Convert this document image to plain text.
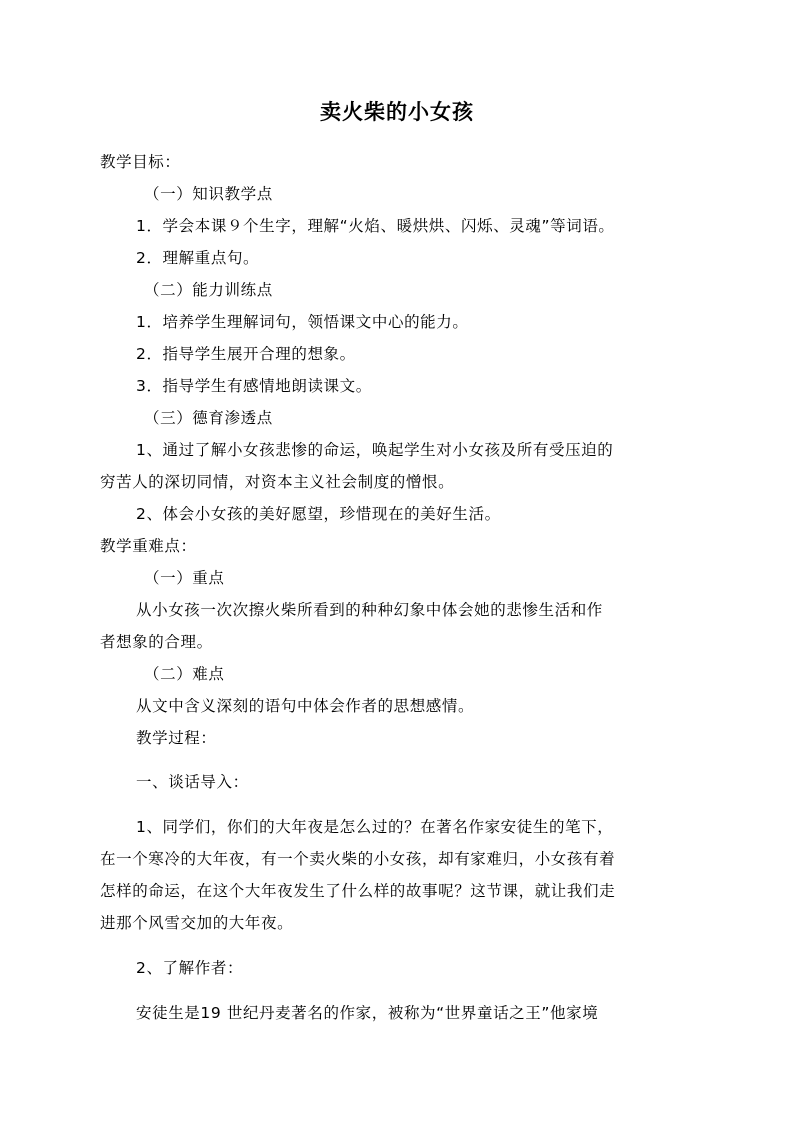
卖火柴的小女孩
教学目标：
（一）知识教学点
1．学会本课９个生字，理解“火焰、暖烘烘、闪烁、灵魂”等词语。
2．理解重点句。
（二）能力训练点
1．培养学生理解词句，领悟课文中心的能力。
2．指导学生展开合理的想象。
3．指导学生有感情地朗读课文。
（三）德育渗透点
1、通过了解小女孩悲惨的命运，唤起学生对小女孩及所有受压迫的
穷苦人的深切同情，对资本主义社会制度的憎恨。
2、体会小女孩的美好愿望，珍惜现在的美好生活。
教学重难点：
（一）重点
从小女孩一次次擦火柴所看到的种种幻象中体会她的悲惨生活和作
者想象的合理。
（二）难点
从文中含义深刻的语句中体会作者的思想感情。
教学过程：
一、谈话导入：
1、同学们，你们的大年夜是怎么过的？在著名作家安徒生的笔下，
在一个寒冷的大年夜，有一个卖火柴的小女孩，却有家难归，小女孩有着
怎样的命运，在这个大年夜发生了什么样的故事呢？这节课，就让我们走
进那个风雪交加的大年夜。
2、了解作者：
安徒生是19 世纪丹麦著名的作家，被称为“世界童话之王”他家境
